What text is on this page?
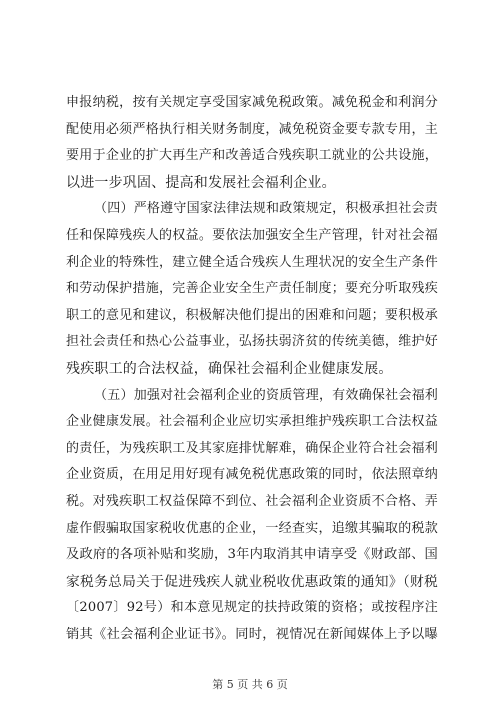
申报纳税，按有关规定享受国家减免税政策。减免税金和利润分
配使用必须严格执行相关财务制度，减免税资金要专款专用，主
要用于企业的扩大再生产和改善适合残疾职工就业的公共设施，
以进一步巩固、提高和发展社会福利企业。
（四）严格遵守国家法律法规和政策规定，积极承担社会责
任和保障残疾人的权益。要依法加强安全生产管理，针对社会福
利企业的特殊性，建立健全适合残疾人生理状况的安全生产条件
和劳动保护措施，完善企业安全生产责任制度；要充分听取残疾
职工的意见和建议，积极解决他们提出的困难和问题；要积极承
担社会责任和热心公益事业，弘扬扶弱济贫的传统美德，维护好
残疾职工的合法权益，确保社会福利企业健康发展。
（五）加强对社会福利企业的资质管理，有效确保社会福利
企业健康发展。社会福利企业应切实承担维护残疾职工合法权益
的责任，为残疾职工及其家庭排忧解难，确保企业符合社会福利
企业资质，在用足用好现有减免税优惠政策的同时，依法照章纳
税。对残疾职工权益保障不到位、社会福利企业资质不合格、弄
虚作假骗取国家税收优惠的企业，一经查实，追缴其骗取的税款
及政府的各项补贴和奖励，3年内取消其申请享受《财政部、国
家税务总局关于促进残疾人就业税收优惠政策的通知》（财税
〔2007〕92号）和本意见规定的扶持政策的资格；或按程序注
销其《社会福利企业证书》。同时，视情况在新闻媒体上予以曝
第 5 页 共 6 页
